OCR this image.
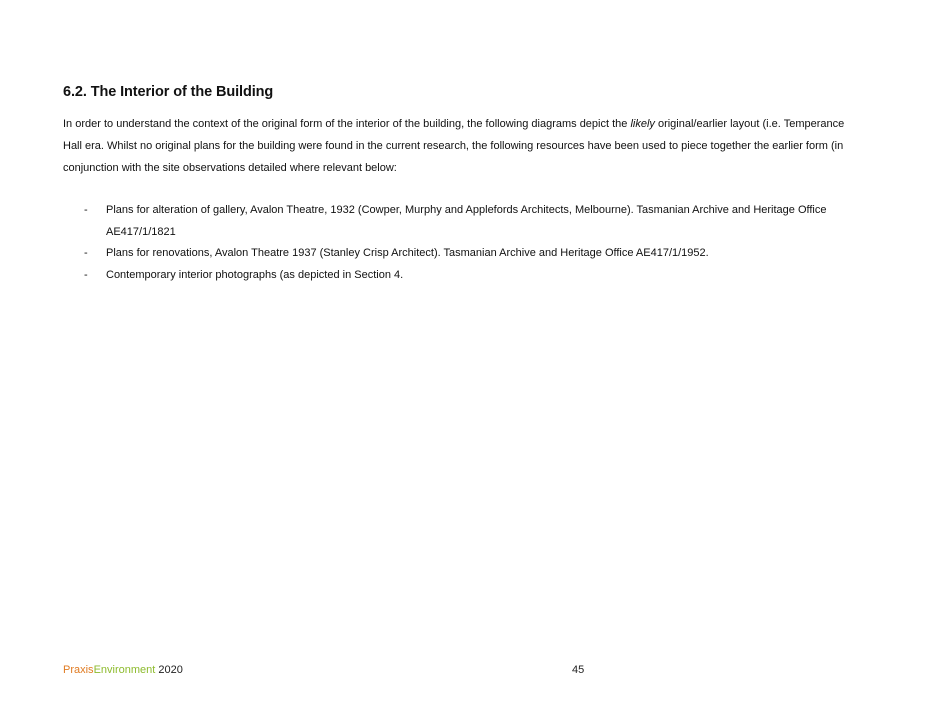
6.2. The Interior of the Building

In order to understand the context of the original form of the interior of the building, the following diagrams depict the likely original/earlier layout (i.e. Temperance Hall era. Whilst no original plans for the building were found in the current research, the following resources have been used to piece together the earlier form (in conjunction with the site observations detailed where relevant below:

- Plans for alteration of gallery, Avalon Theatre, 1932 (Cowper, Murphy and Applefords Architects, Melbourne). Tasmanian Archive and Heritage Office AE417/1/1821
- Plans for renovations, Avalon Theatre 1937 (Stanley Crisp Architect). Tasmanian Archive and Heritage Office AE417/1/1952.
- Contemporary interior photographs (as depicted in Section 4.
PraxisEnvironment 2020	45
